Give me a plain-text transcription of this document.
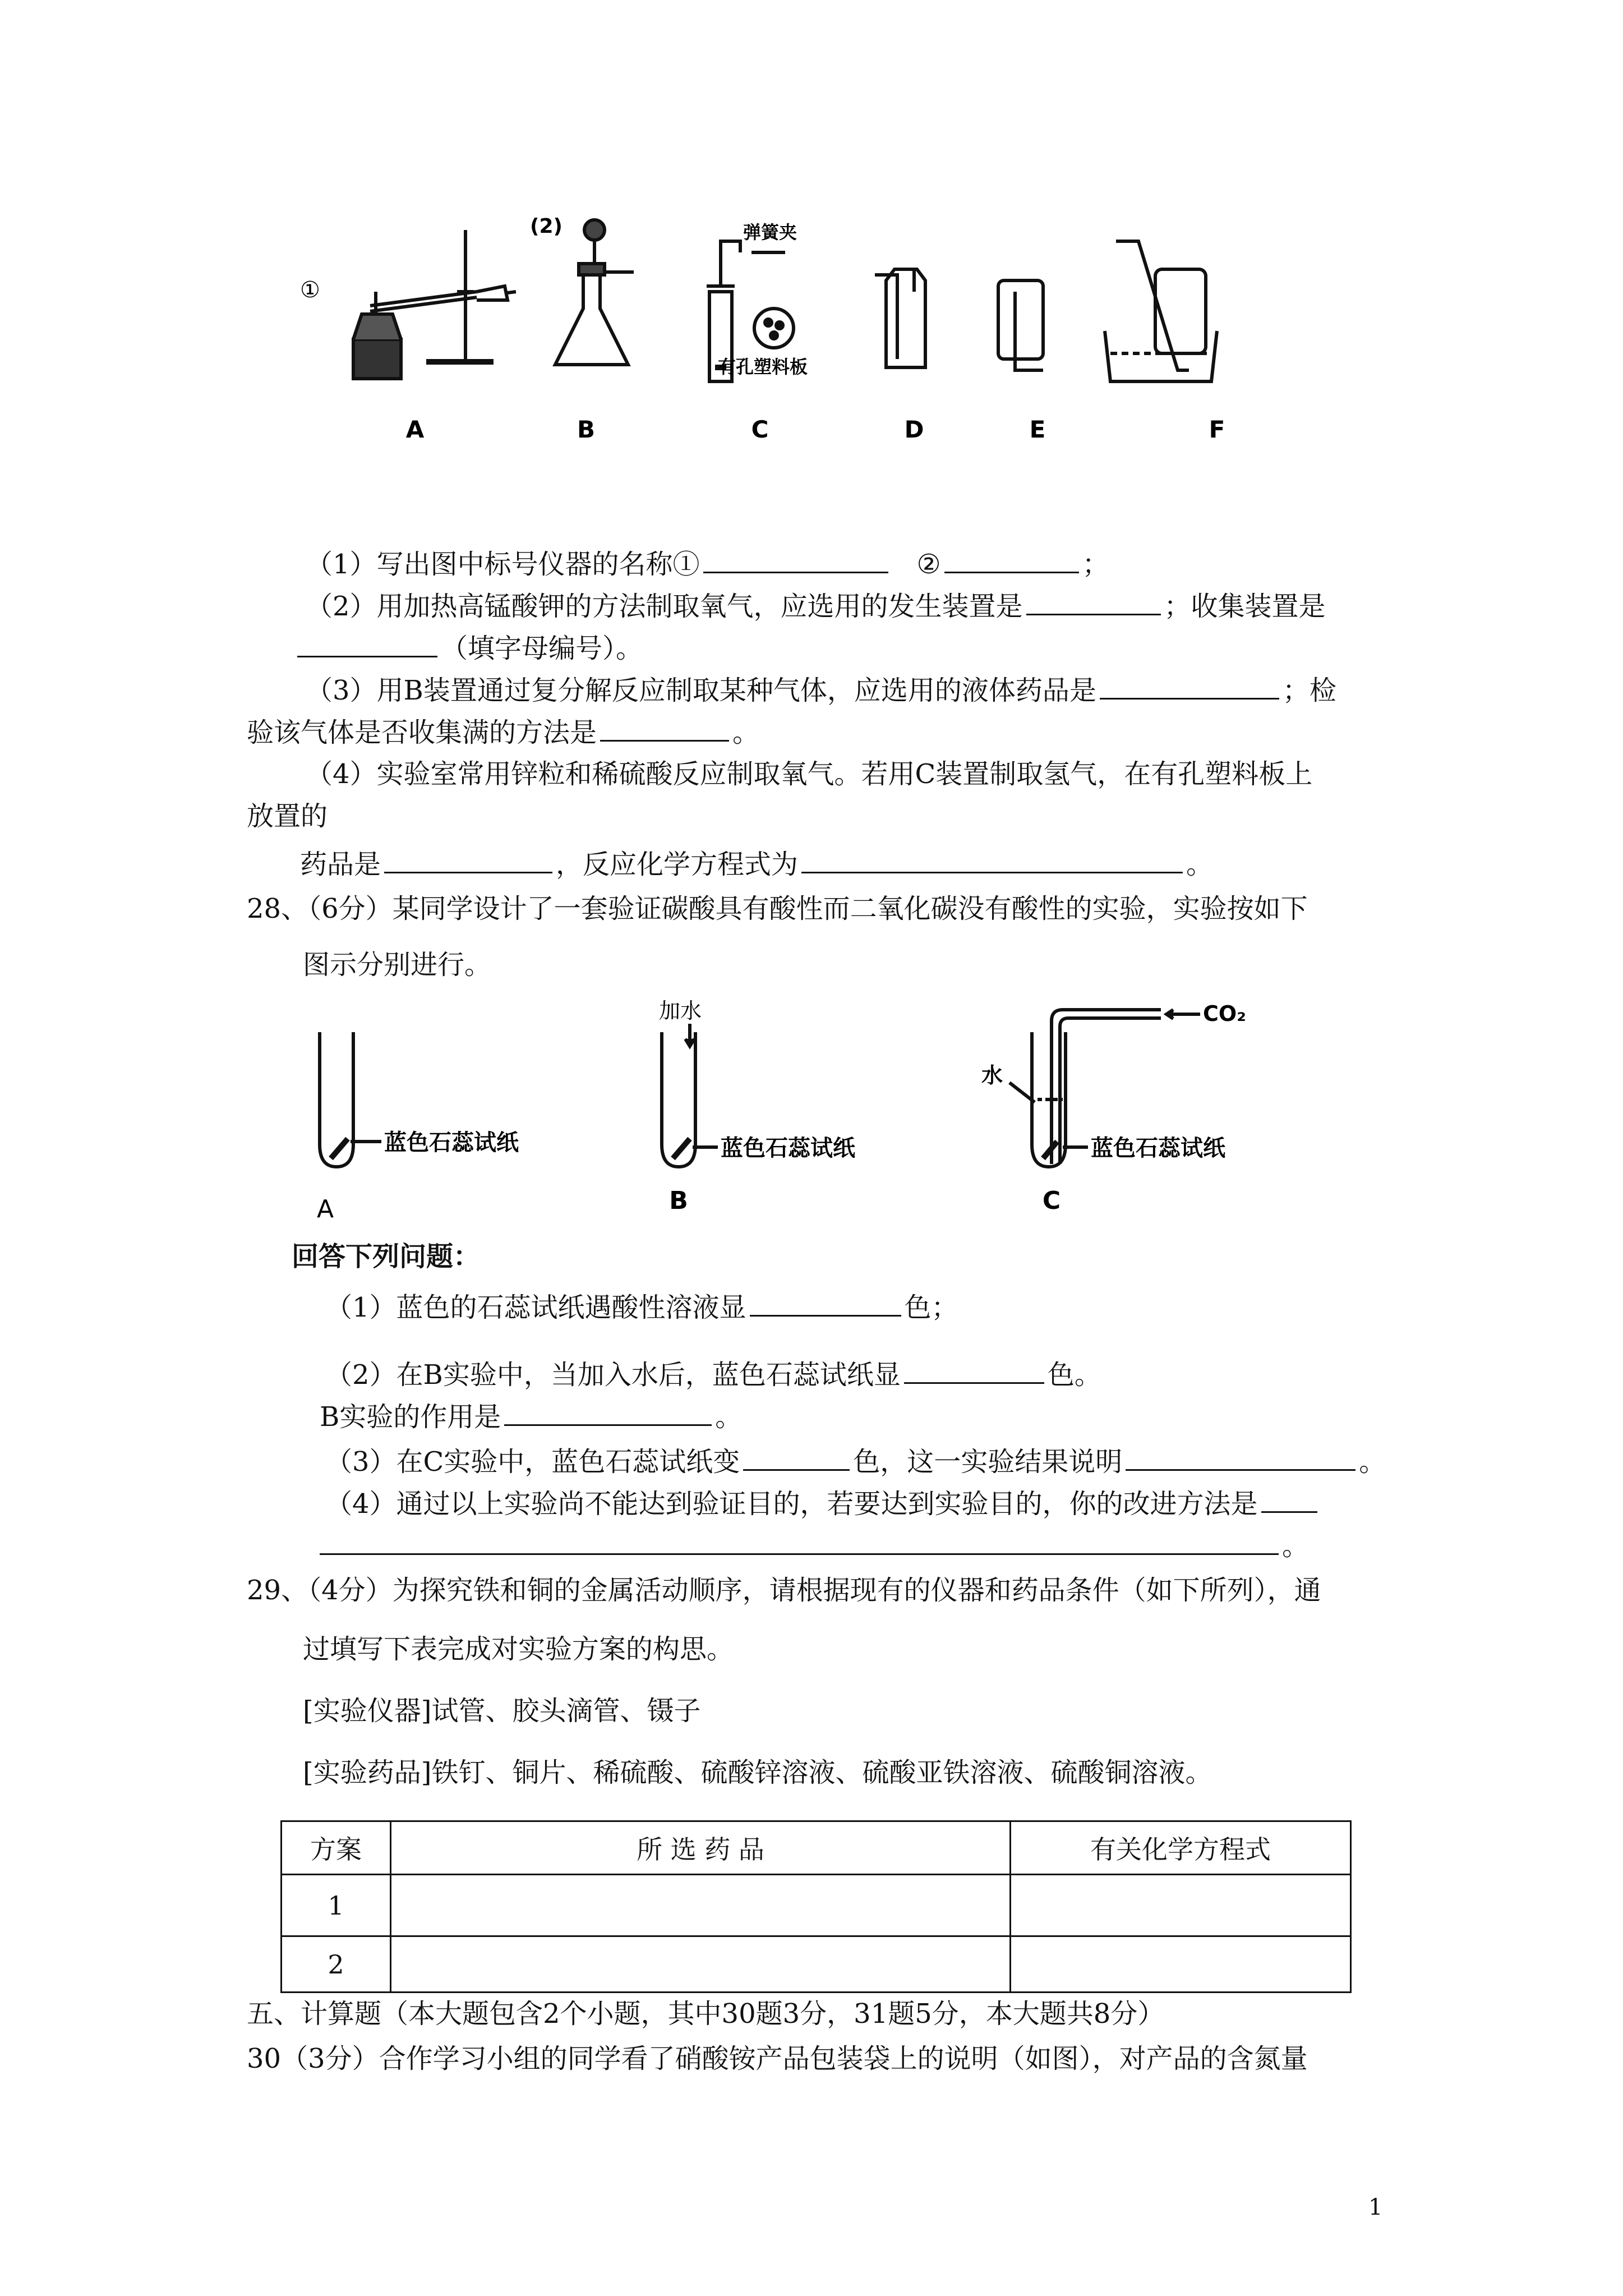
A	B	C	D	E	F
①
(2)	弹簧夹
有孔塑料板
（1）写出图中标号仪器的名称①	②	；
（2）用加热高锰酸钾的方法制取氧气，应选用的发生装置是	；收集装置是
（填字母编号）。
（3）用B装置通过复分解反应制取某种气体，应选用的液体药品是	；检
验该气体是否收集满的方法是	。
（4）实验室常用锌粒和稀硫酸反应制取氧气。若用C装置制取氢气，在有孔塑料板上
放置的
药品是	，反应化学方程式为	。
28、（6分）某同学设计了一套验证碳酸具有酸性而二氧化碳没有酸性的实验，实验按如下
图示分别进行。
蓝色石蕊试纸	蓝色石蕊试纸	蓝色石蕊试纸
加水	CO₂
水
A	B	C
回答下列问题：
（1）蓝色的石蕊试纸遇酸性溶液显	色；
（2）在B实验中，当加入水后，蓝色石蕊试纸显	色。
B实验的作用是	。
（3）在C实验中，蓝色石蕊试纸变	色，这一实验结果说明	。
（4）通过以上实验尚不能达到验证目的，若要达到实验目的，你的改进方法是
。
29、（4分）为探究铁和铜的金属活动顺序，请根据现有的仪器和药品条件（如下所列），通
过填写下表完成对实验方案的构思。
[实验仪器]试管、胶头滴管、镊子
[实验药品]铁钉、铜片、稀硫酸、硫酸锌溶液、硫酸亚铁溶液、硫酸铜溶液。
方案	所 选 药 品	有关化学方程式
1		
2		
五、计算题（本大题包含2个小题，其中30题3分，31题5分，本大题共8分）
30（3分）合作学习小组的同学看了硝酸铵产品包装袋上的说明（如图），对产品的含氮量
1
